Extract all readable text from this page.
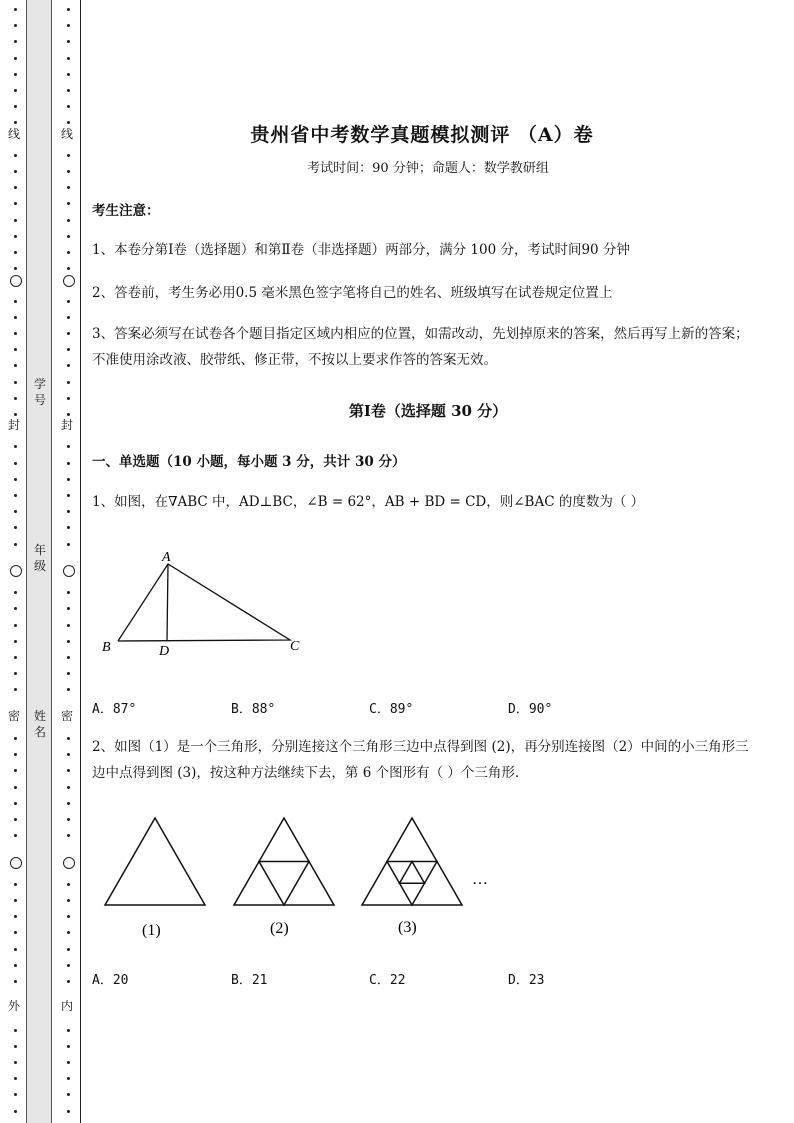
线
封
密
外
学
号
年
级
姓
名
线
封
密
内
贵州省中考数学真题模拟测评 （A）卷
考试时间：90 分钟；命题人：数学教研组
考生注意：
1、本卷分第Ⅰ卷（选择题）和第Ⅱ卷（非选择题）两部分，满分 100 分，考试时间90 分钟
2、答卷前，考生务必用0.5 毫米黑色签字笔将自己的姓名、班级填写在试卷规定位置上
3、答案必须写在试卷各个题目指定区域内相应的位置，如需改动，先划掉原来的答案，然后再写上新的答案；不准使用涂改液、胶带纸、修正带，不按以上要求作答的答案无效。
第Ⅰ卷（选择题 30 分）
一、单选题（10 小题，每小题 3 分，共计 30 分）
1、如图，在∇ABC 中，AD⊥BC，∠B = 62°，AB + BD = CD，则∠BAC 的度数为（ ）
A
B	D	C
A．87°	B．88°	C．89°	D．90°
2、如图（1）是一个三角形，分别连接这个三角形三边中点得到图 (2)，再分别连接图（2）中间的小三角形三边中点得到图 (3)，按这种方法继续下去，第 6 个图形有（ ）个三角形．
…
(1)	(2)	(3)
A．20	B．21	C．22	D．23
